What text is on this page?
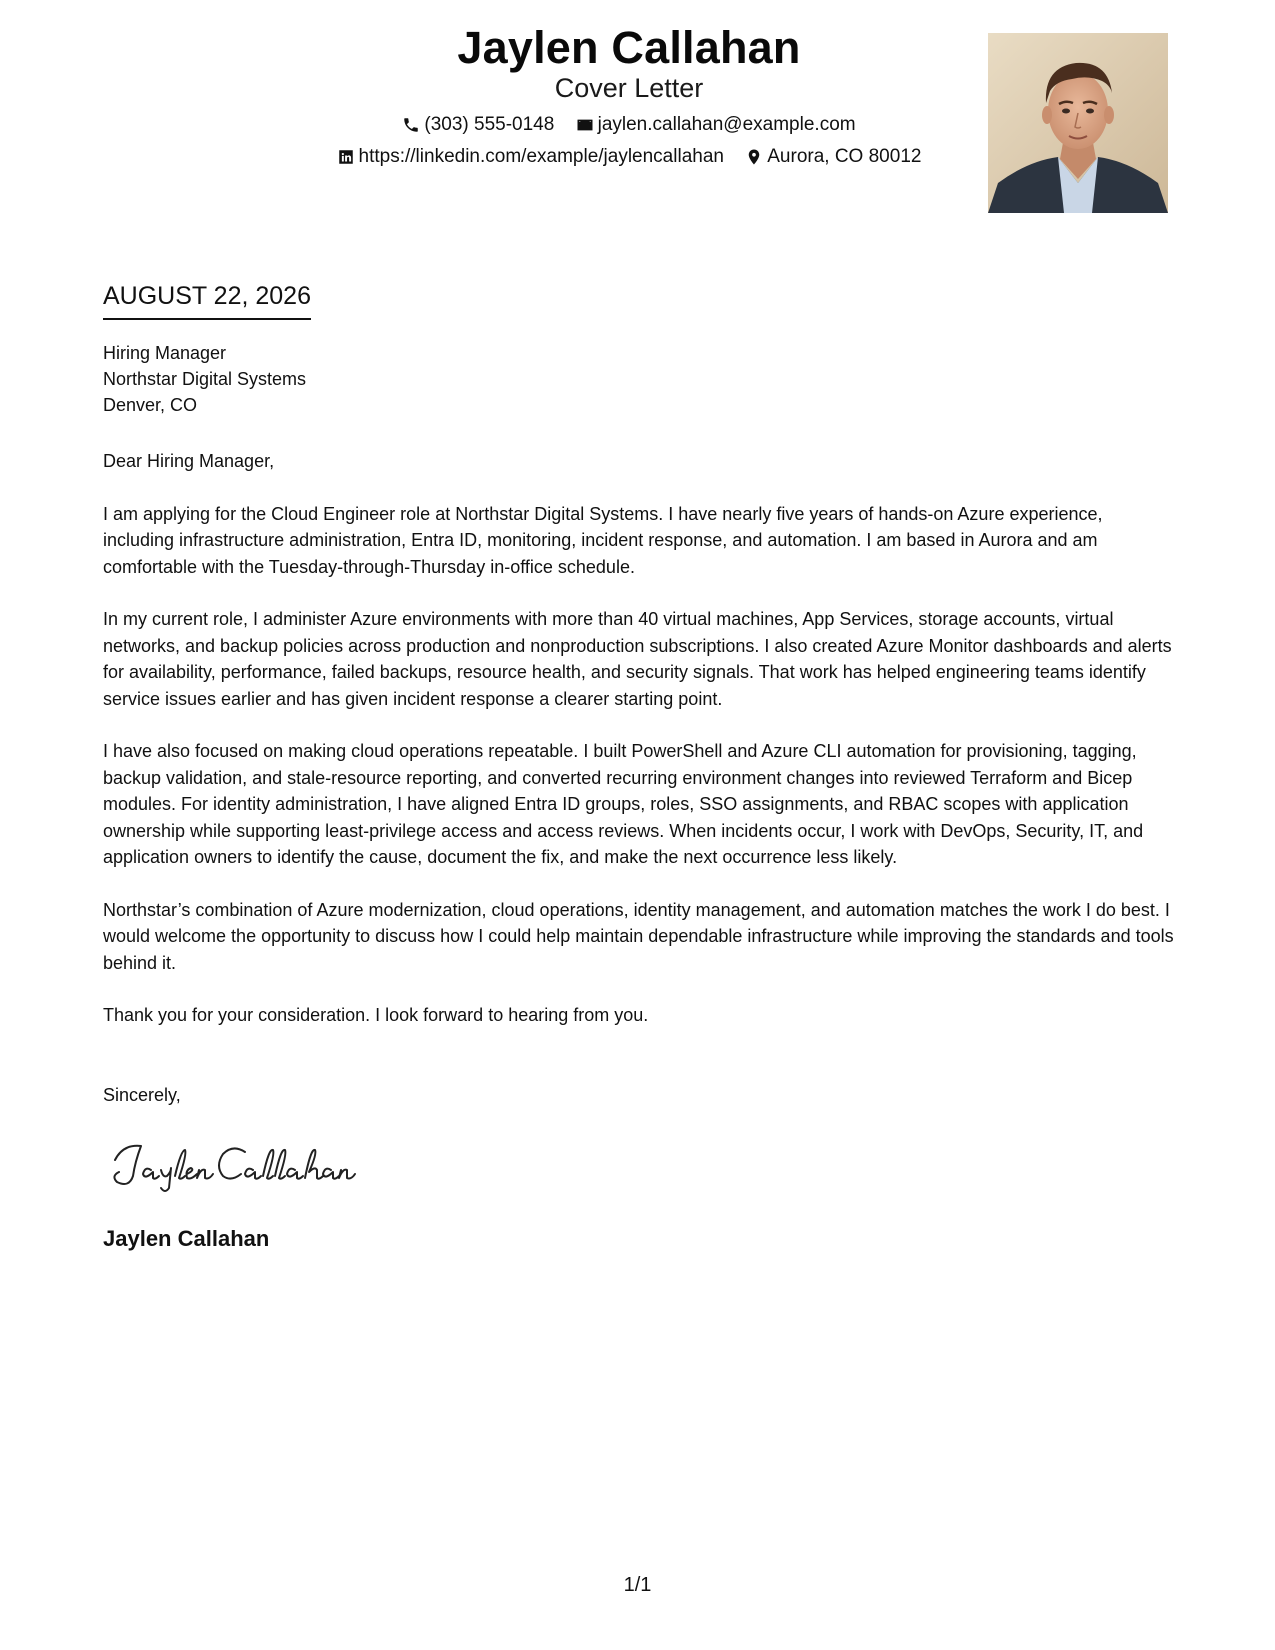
Jaylen Callahan
Cover Letter
(303) 555-0148
jaylen.callahan@example.com
https://linkedin.com/example/jaylencallahan
Aurora, CO 80012
AUGUST 22, 2026
Hiring Manager
Northstar Digital Systems
Denver, CO

Dear Hiring Manager,

I am applying for the Cloud Engineer role at Northstar Digital Systems. I have nearly five years of hands-on Azure experience, including infrastructure administration, Entra ID, monitoring, incident response, and automation. I am based in Aurora and am comfortable with the Tuesday-through-Thursday in-office schedule.

In my current role, I administer Azure environments with more than 40 virtual machines, App Services, storage accounts, virtual networks, and backup policies across production and nonproduction subscriptions. I also created Azure Monitor dashboards and alerts for availability, performance, failed backups, resource health, and security signals. That work has helped engineering teams identify service issues earlier and has given incident response a clearer starting point.

I have also focused on making cloud operations repeatable. I built PowerShell and Azure CLI automation for provisioning, tagging, backup validation, and stale-resource reporting, and converted recurring environment changes into reviewed Terraform and Bicep modules. For identity administration, I have aligned Entra ID groups, roles, SSO assignments, and RBAC scopes with application ownership while supporting least-privilege access and access reviews. When incidents occur, I work with DevOps, Security, IT, and application owners to identify the cause, document the fix, and make the next occurrence less likely.

Northstar’s combination of Azure modernization, cloud operations, identity management, and automation matches the work I do best. I would welcome the opportunity to discuss how I could help maintain dependable infrastructure while improving the standards and tools behind it.

Thank you for your consideration. I look forward to hearing from you.

Sincerely,
Jaylen Callahan
1/1
